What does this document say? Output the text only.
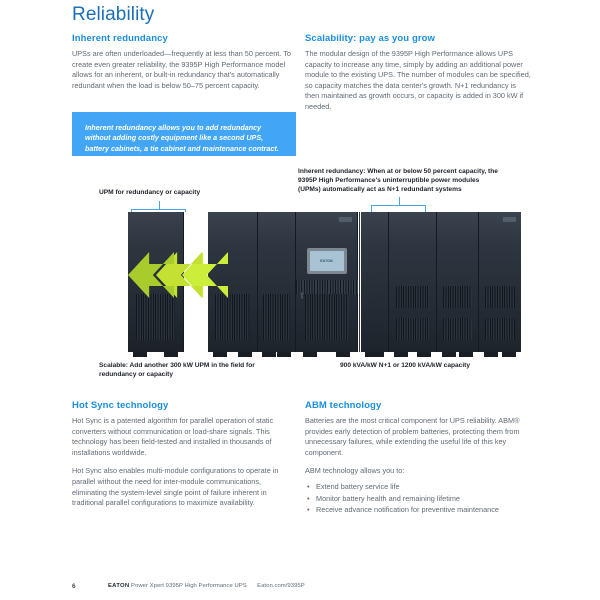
Reliability
Inherent redundancy

UPSs are often underloaded—frequently at less than 50 percent. To create even greater reliability, the 9395P High Performance model allows for an inherent, or built-in redundancy that's automatically redundant when the load is below 50–75 percent capacity.

Inherent redundancy allows you to add redundancy without adding costly equipment like a second UPS, battery cabinets, a tie cabinet and maintenance contract.

Scalability: pay as you grow

The modular design of the 9395P High Performance allows UPS capacity to increase any time, simply by adding an additional power module to the existing UPS. The number of modules can be specified, so capacity matches the data center's growth. N+1 redundancy is then maintained as growth occurs, or capacity is added in 300 kW if needed.

UPM for redundancy or capacity
Inherent redundancy: When at or below 50 percent capacity, the 9395P High Performance's uninterruptible power modules (UPMs) automatically act as N+1 redundant systems
EATON
Scalable: Add another 300 kW UPM in the field for redundancy or capacity
900 kVA/kW N+1 or 1200 kVA/kW capacity
Hot Sync technology

Hot Sync is a patented algorithm for parallel operation of static converters without communication or load-share signals. This technology has been field-tested and installed in thousands of installations worldwide.

Hot Sync also enables multi-module configurations to operate in parallel without the need for inter-module communications, eliminating the system-level single point of failure inherent in traditional parallel configurations to maximize availability.

ABM technology

Batteries are the most critical component for UPS reliability. ABM® provides early detection of problem batteries, protecting them from unnecessary failures, while extending the useful life of this key component.

ABM technology allows you to:

• Extend battery service life
• Monitor battery health and remaining lifetime
• Receive advance notification for preventive maintenance
6	EATON Power Xpert 9395P High Performance UPS Eaton.com/9395P
